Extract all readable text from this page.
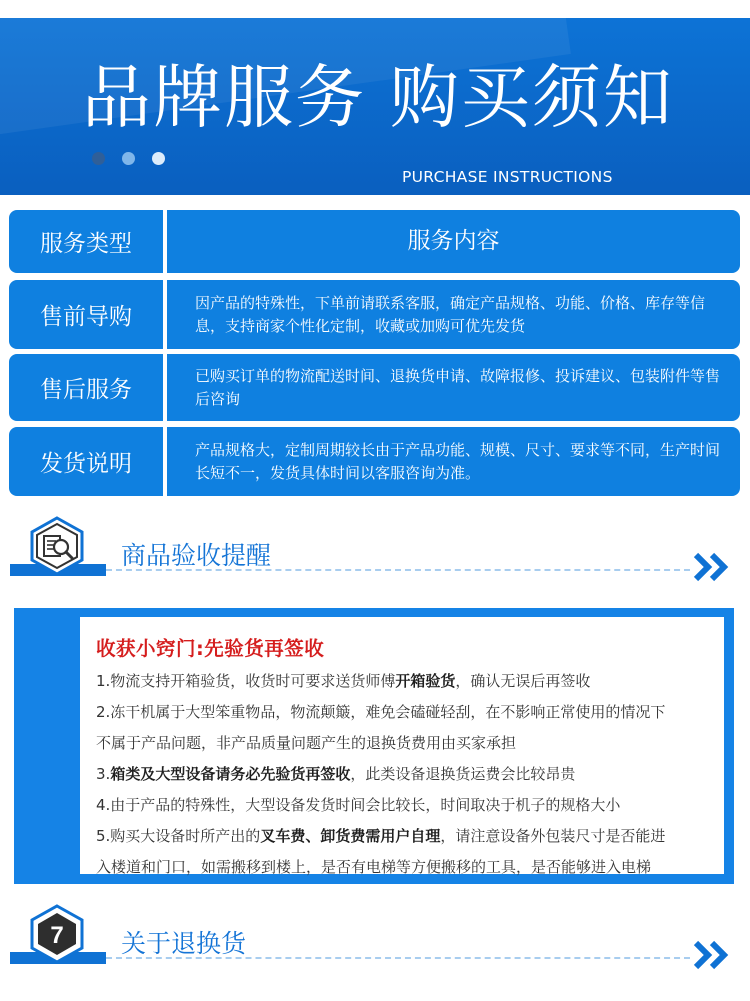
品牌服务 购买须知
PURCHASE INSTRUCTIONS
服务类型	服务内容
售前导购
因产品的特殊性，下单前请联系客服，确定产品规格、功能、价格、库存等信息，支持商家个性化定制，收藏或加购可优先发货
售后服务
已购买订单的物流配送时间、退换货申请、故障报修、投诉建议、包装附件等售后咨询
发货说明
产品规格大，定制周期较长由于产品功能、规模、尺寸、要求等不同，生产时间长短不一，发货具体时间以客服咨询为准。
商品验收提醒
收获小窍门:先验货再签收
1.物流支持开箱验货，收货时可要求送货师傅开箱验货，确认无误后再签收
2.冻干机属于大型笨重物品，物流颠簸，难免会磕碰轻刮，在不影响正常使用的情况下
不属于产品问题，非产品质量问题产生的退换货费用由买家承担
3.箱类及大型设备请务必先验货再签收，此类设备退换货运费会比较昂贵
4.由于产品的特殊性，大型设备发货时间会比较长，时间取决于机子的规格大小
5.购买大设备时所产出的叉车费、卸货费需用户自理，请注意设备外包装尺寸是否能进
入楼道和门口，如需搬移到楼上，是否有电梯等方便搬移的工具，是否能够进入电梯
7 关于退换货
